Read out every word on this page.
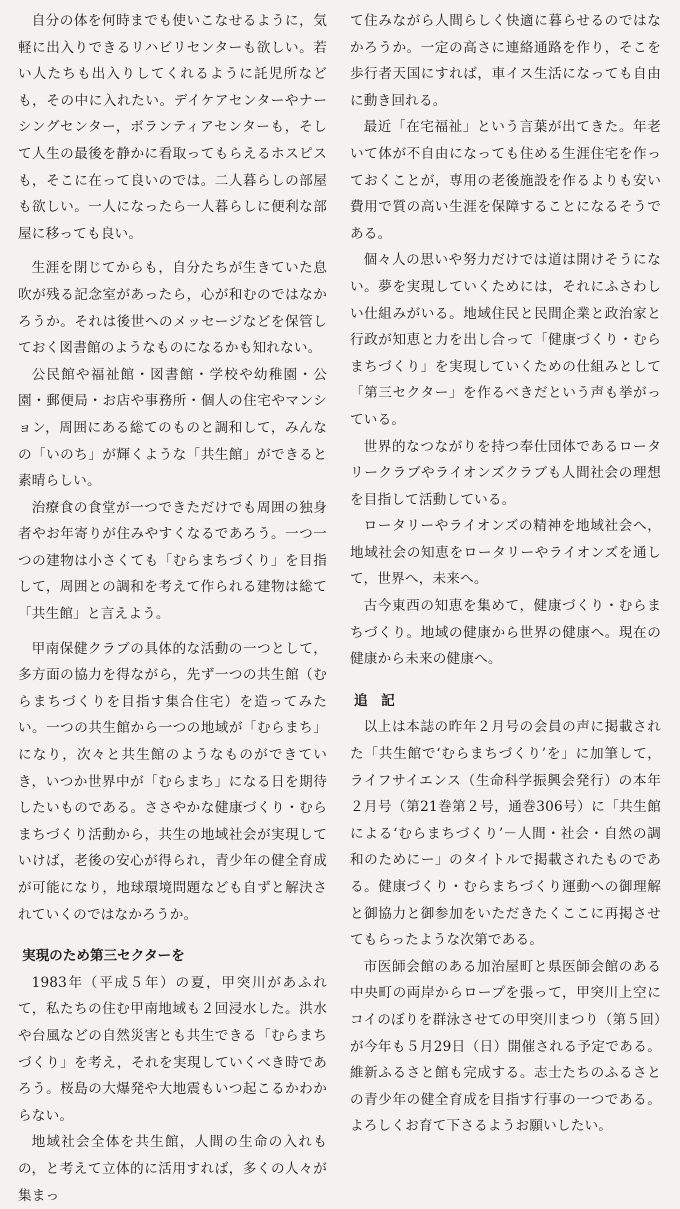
自分の体を何時までも使いこなせるように，気軽に出入りできるリハビリセンターも欲しい。若い人たちも出入りしてくれるように託児所なども，その中に入れたい。デイケアセンターやナーシングセンター，ボランティアセンターも，そして人生の最後を静かに看取ってもらえるホスピスも，そこに在って良いのでは。二人暮らしの部屋も欲しい。一人になったら一人暮らしに便利な部屋に移っても良い。

生涯を閉じてからも，自分たちが生きていた息吹が残る記念室があったら，心が和むのではなかろうか。それは後世へのメッセージなどを保管しておく図書館のようなものになるかも知れない。

公民館や福祉館・図書館・学校や幼稚園・公園・郵便局・お店や事務所・個人の住宅やマンション，周囲にある総てのものと調和して，みんなの「いのち」が輝くような「共生館」ができると素晴らしい。

治療食の食堂が一つできただけでも周囲の独身者やお年寄りが住みやすくなるであろう。一つ一つの建物は小さくても「むらまちづくり」を目指して，周囲との調和を考えて作られる建物は総て「共生館」と言えよう。

甲南保健クラブの具体的な活動の一つとして，多方面の協力を得ながら，先ず一つの共生館（むらまちづくりを目指す集合住宅）を造ってみたい。一つの共生館から一つの地域が「むらまち」になり，次々と共生館のようなものができていき，いつか世界中が「むらまち」になる日を期待したいものである。ささやかな健康づくり・むらまちづくり活動から，共生の地域社会が実現していけば，老後の安心が得られ，青少年の健全育成が可能になり，地球環境問題なども自ずと解決されていくのではなかろうか。

実現のため第三セクターを

1983年（平成５年）の夏，甲突川があふれて，私たちの住む甲南地域も２回浸水した。洪水や台風などの自然災害とも共生できる「むらまちづくり」を考え，それを実現していくべき時であろう。桜島の大爆発や大地震もいつ起こるかわからない。

地域社会全体を共生館，人間の生命の入れもの，と考えて立体的に活用すれば，多くの人々が集まっ

て住みながら人間らしく快適に暮らせるのではなかろうか。一定の高さに連絡通路を作り，そこを歩行者天国にすれば，車イス生活になっても自由に動き回れる。

最近「在宅福祉」という言葉が出てきた。年老いて体が不自由になっても住める生涯住宅を作っておくことが，専用の老後施設を作るよりも安い費用で質の高い生涯を保障することになるそうである。

個々人の思いや努力だけでは道は開けそうにない。夢を実現していくためには，それにふさわしい仕組みがいる。地域住民と民間企業と政治家と行政が知恵と力を出し合って「健康づくり・むらまちづくり」を実現していくための仕組みとして「第三セクター」を作るべきだという声も挙がっている。

世界的なつながりを持つ奉仕団体であるロータリークラブやライオンズクラブも人間社会の理想を目指して活動している。

ロータリーやライオンズの精神を地域社会へ，地域社会の知恵をロータリーやライオンズを通して，世界へ，未来へ。

古今東西の知恵を集めて，健康づくり・むらまちづくり。地域の健康から世界の健康へ。現在の健康から未来の健康へ。

追　記

以上は本誌の昨年２月号の会員の声に掲載された「共生館で‘むらまちづくり’を」に加筆して，ライフサイエンス（生命科学振興会発行）の本年２月号（第21巻第２号，通巻306号）に「共生館による‘むらまちづくり’－人間・社会・自然の調和のためにー」のタイトルで掲載されたものである。健康づくり・むらまちづくり運動への御理解と御協力と御参加をいただきたくここに再掲させてもらったような次第である。

市医師会館のある加治屋町と県医師会館のある中央町の両岸からロープを張って，甲突川上空にコイのぼりを群泳させての甲突川まつり（第５回）が今年も５月29日（日）開催される予定である。維新ふるさと館も完成する。志士たちのふるさとの青少年の健全育成を目指す行事の一つである。よろしくお育て下さるようお願いしたい。
